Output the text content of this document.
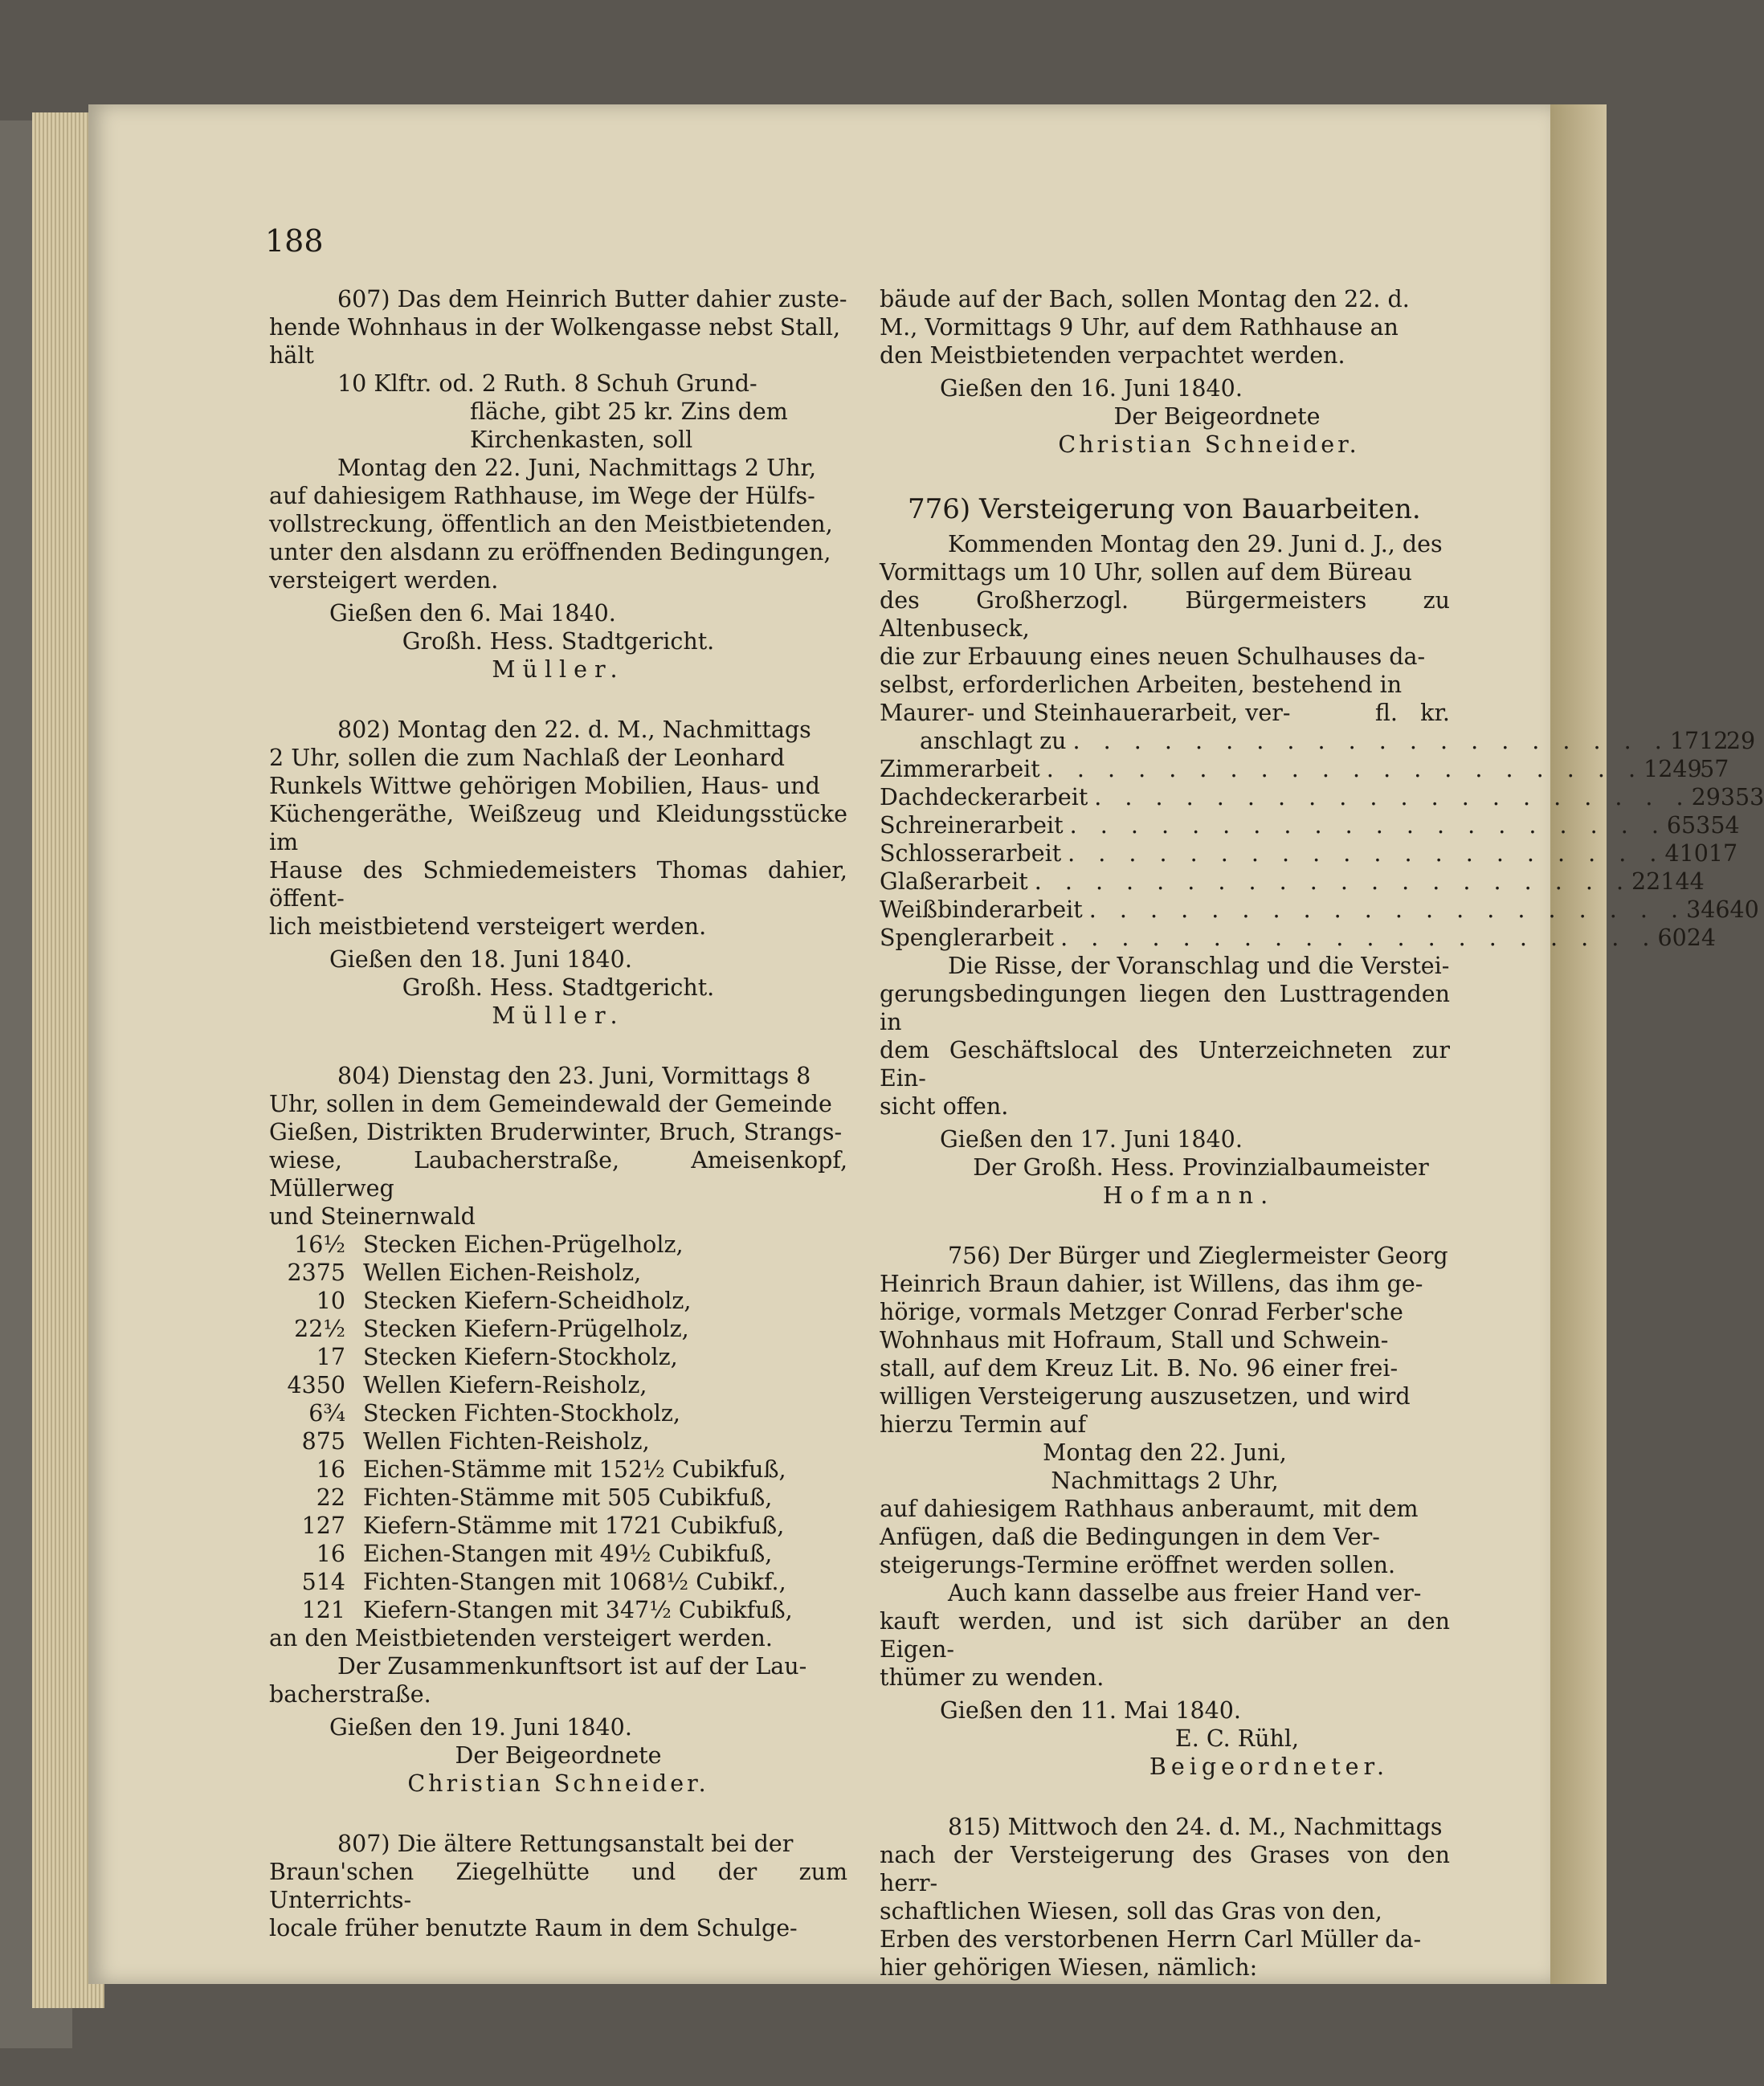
188

607) Das dem Heinrich Butter dahier zuste-

hende Wohnhaus in der Wolkengasse nebst Stall,

hält

10 Klftr. od. 2 Ruth. 8 Schuh Grund-

fläche, gibt 25 kr. Zins dem

Kirchenkasten, soll

Montag den 22. Juni, Nachmittags 2 Uhr,

auf dahiesigem Rathhause, im Wege der Hülfs-

vollstreckung, öffentlich an den Meistbietenden,

unter den alsdann zu eröffnenden Bedingungen,

versteigert werden.

Gießen den 6. Mai 1840.

Großh. Hess. Stadtgericht.

Müller.

802) Montag den 22. d. M., Nachmittags

2 Uhr, sollen die zum Nachlaß der Leonhard

Runkels Wittwe gehörigen Mobilien, Haus- und

Küchengeräthe, Weißzeug und Kleidungsstücke im

Hause des Schmiedemeisters Thomas dahier, öffent-

lich meistbietend versteigert werden.

Gießen den 18. Juni 1840.

Großh. Hess. Stadtgericht.

Müller.

804) Dienstag den 23. Juni, Vormittags 8

Uhr, sollen in dem Gemeindewald der Gemeinde

Gießen, Distrikten Bruderwinter, Bruch, Strangs-

wiese, Laubacherstraße, Ameisenkopf, Müllerweg

und Steinernwald

16½ Stecken Eichen-Prügelholz,
2375 Wellen Eichen-Reisholz,
10 Stecken Kiefern-Scheidholz,
22½ Stecken Kiefern-Prügelholz,
17 Stecken Kiefern-Stockholz,
4350 Wellen Kiefern-Reisholz,
6¾ Stecken Fichten-Stockholz,
875 Wellen Fichten-Reisholz,
16 Eichen-Stämme mit 152½ Cubikfuß,
22 Fichten-Stämme mit 505 Cubikfuß,
127 Kiefern-Stämme mit 1721 Cubikfuß,
16 Eichen-Stangen mit 49½ Cubikfuß,
514 Fichten-Stangen mit 1068½ Cubikf.,
121 Kiefern-Stangen mit 347½ Cubikfuß,

an den Meistbietenden versteigert werden.

Der Zusammenkunftsort ist auf der Lau-

bacherstraße.

Gießen den 19. Juni 1840.

Der Beigeordnete

Christian Schneider.

807) Die ältere Rettungsanstalt bei der

Braun'schen Ziegelhütte und der zum Unterrichts-

locale früher benutzte Raum in dem Schulge-

bäude auf der Bach, sollen Montag den 22. d.

M., Vormittags 9 Uhr, auf dem Rathhause an

den Meistbietenden verpachtet werden.

Gießen den 16. Juni 1840.

Der Beigeordnete

Christian Schneider.

776) Versteigerung von Bauarbeiten.

Kommenden Montag den 29. Juni d. J., des

Vormittags um 10 Uhr, sollen auf dem Büreau

des Großherzogl. Bürgermeisters zu Altenbuseck,

die zur Erbauung eines neuen Schulhauses da-

selbst, erforderlichen Arbeiten, bestehend in

Maurer- und Steinhauerarbeit, ver-	fl. kr.
anschlagt zu . . . . . . . . . . . . . . . . . . . . 1712
29
Zimmerarbeit . . . . . . . . . . . . . . . . . . . . 1249
57
Dachdeckerarbeit . . . . . . . . . . . . . . . . . . . . 293 53
Schreinerarbeit . . . . . . . . . . . . . . . . . . . . 653 54
Schlosserarbeit . . . . . . . . . . . . . . . . . . . . 410 17
Glaßerarbeit . . . . . . . . . . . . . . . . . . . . 221 44
Weißbinderarbeit . . . . . . . . . . . . . . . . . . . . 346 40
Spenglerarbeit . . . . . . . . . . . . . . . . . . . . 60 24

Die Risse, der Voranschlag und die Verstei-

gerungsbedingungen liegen den Lusttragenden in

dem Geschäftslocal des Unterzeichneten zur Ein-

sicht offen.

Gießen den 17. Juni 1840.

Der Großh. Hess. Provinzialbaumeister

Hofmann.

756) Der Bürger und Zieglermeister Georg

Heinrich Braun dahier, ist Willens, das ihm ge-

hörige, vormals Metzger Conrad Ferber'sche

Wohnhaus mit Hofraum, Stall und Schwein-

stall, auf dem Kreuz Lit. B. No. 96 einer frei-

willigen Versteigerung auszusetzen, und wird

hierzu Termin auf

Montag den 22. Juni,

Nachmittags 2 Uhr,

auf dahiesigem Rathhaus anberaumt, mit dem

Anfügen, daß die Bedingungen in dem Ver-

steigerungs-Termine eröffnet werden sollen.

Auch kann dasselbe aus freier Hand ver-

kauft werden, und ist sich darüber an den Eigen-

thümer zu wenden.

Gießen den 11. Mai 1840.

E. C. Rühl,

Beigeordneter.

815) Mittwoch den 24. d. M., Nachmittags

nach der Versteigerung des Grases von den herr-

schaftlichen Wiesen, soll das Gras von den,

Erben des verstorbenen Herrn Carl Müller da-

hier gehörigen Wiesen, nämlich:
